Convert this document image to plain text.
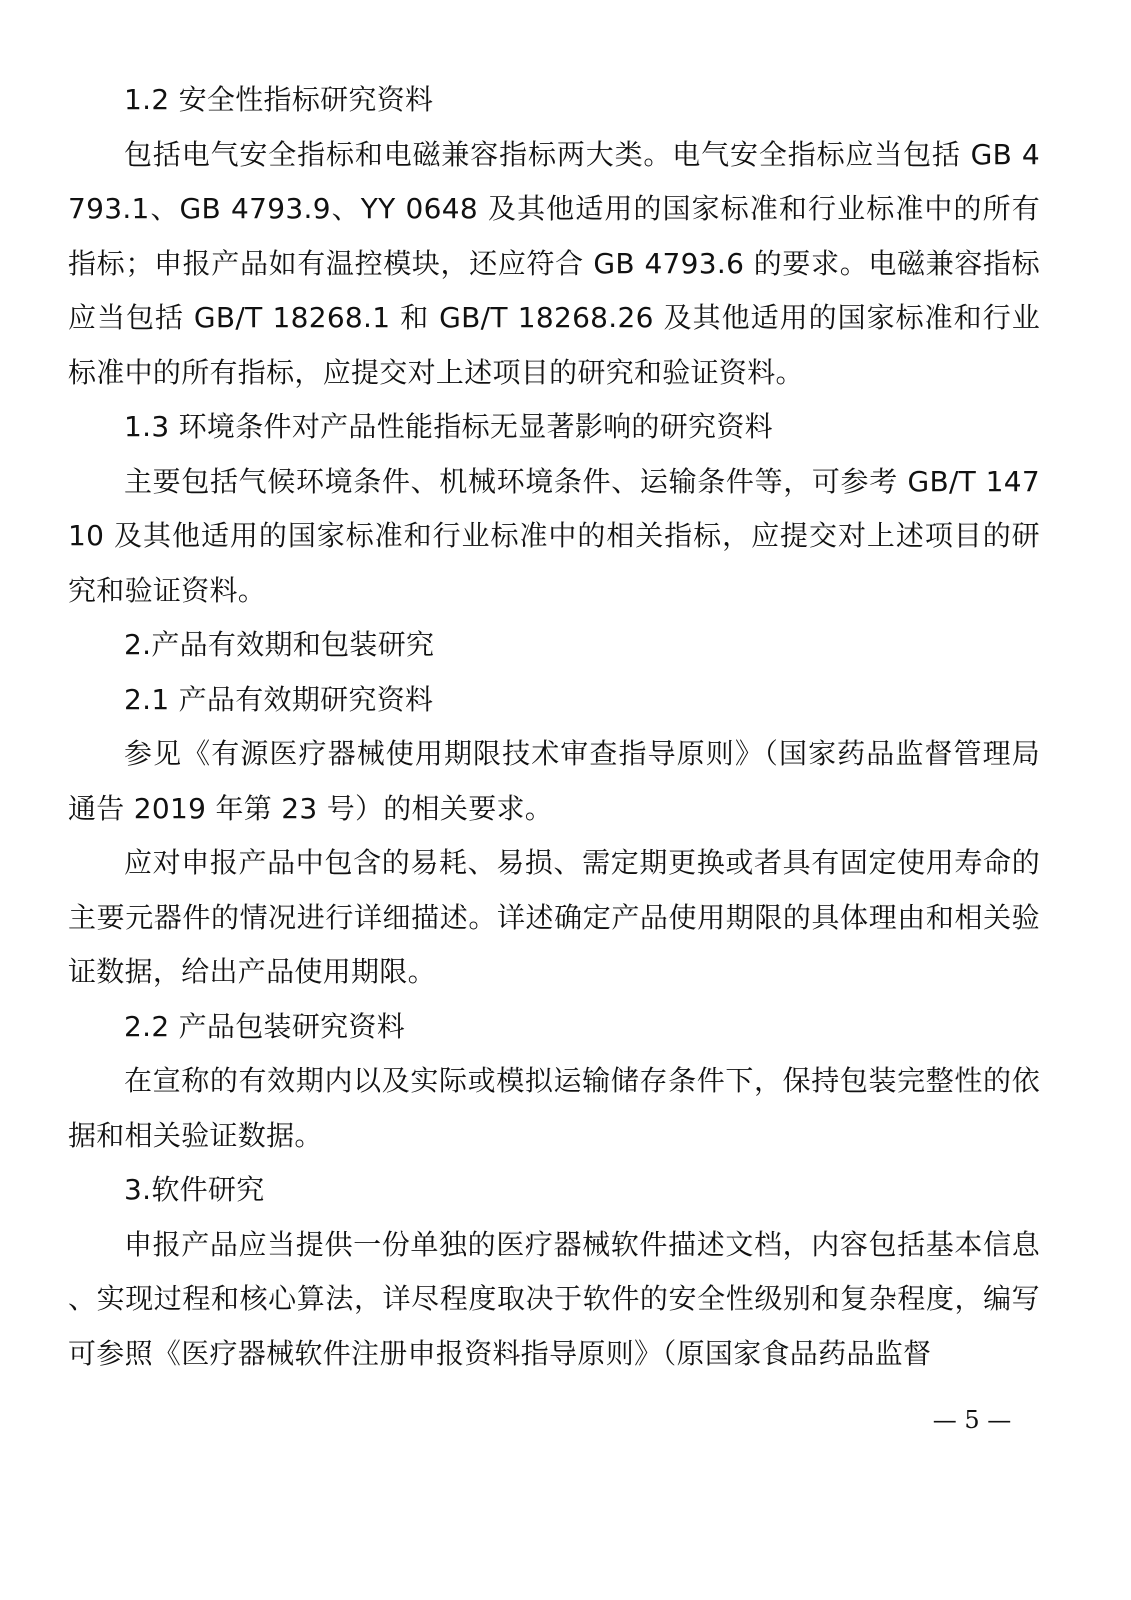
1.2 安全性指标研究资料

包括电气安全指标和电磁兼容指标两大类。电气安全指标应当包括 GB 4793.1、GB 4793.9、YY 0648 及其他适用的国家标准和行业标准中的所有指标；申报产品如有温控模块，还应符合 GB 4793.6 的要求。电磁兼容指标应当包括 GB/T 18268.1 和 GB/T 18268.26 及其他适用的国家标准和行业标准中的所有指标，应提交对上述项目的研究和验证资料。

1.3 环境条件对产品性能指标无显著影响的研究资料

主要包括气候环境条件、机械环境条件、运输条件等，可参考 GB/T 14710 及其他适用的国家标准和行业标准中的相关指标，应提交对上述项目的研究和验证资料。

2.产品有效期和包装研究

2.1 产品有效期研究资料

参见《有源医疗器械使用期限技术审查指导原则》（国家药品监督管理局通告 2019 年第 23 号）的相关要求。

应对申报产品中包含的易耗、易损、需定期更换或者具有固定使用寿命的主要元器件的情况进行详细描述。详述确定产品使用期限的具体理由和相关验证数据，给出产品使用期限。

2.2 产品包装研究资料

在宣称的有效期内以及实际或模拟运输储存条件下，保持包装完整性的依据和相关验证数据。

3.软件研究

申报产品应当提供一份单独的医疗器械软件描述文档，内容包括基本信息、实现过程和核心算法，详尽程度取决于软件的安全性级别和复杂程度，编写可参照《医疗器械软件注册申报资料指导原则》（原国家食品药品监督

— 5 —
